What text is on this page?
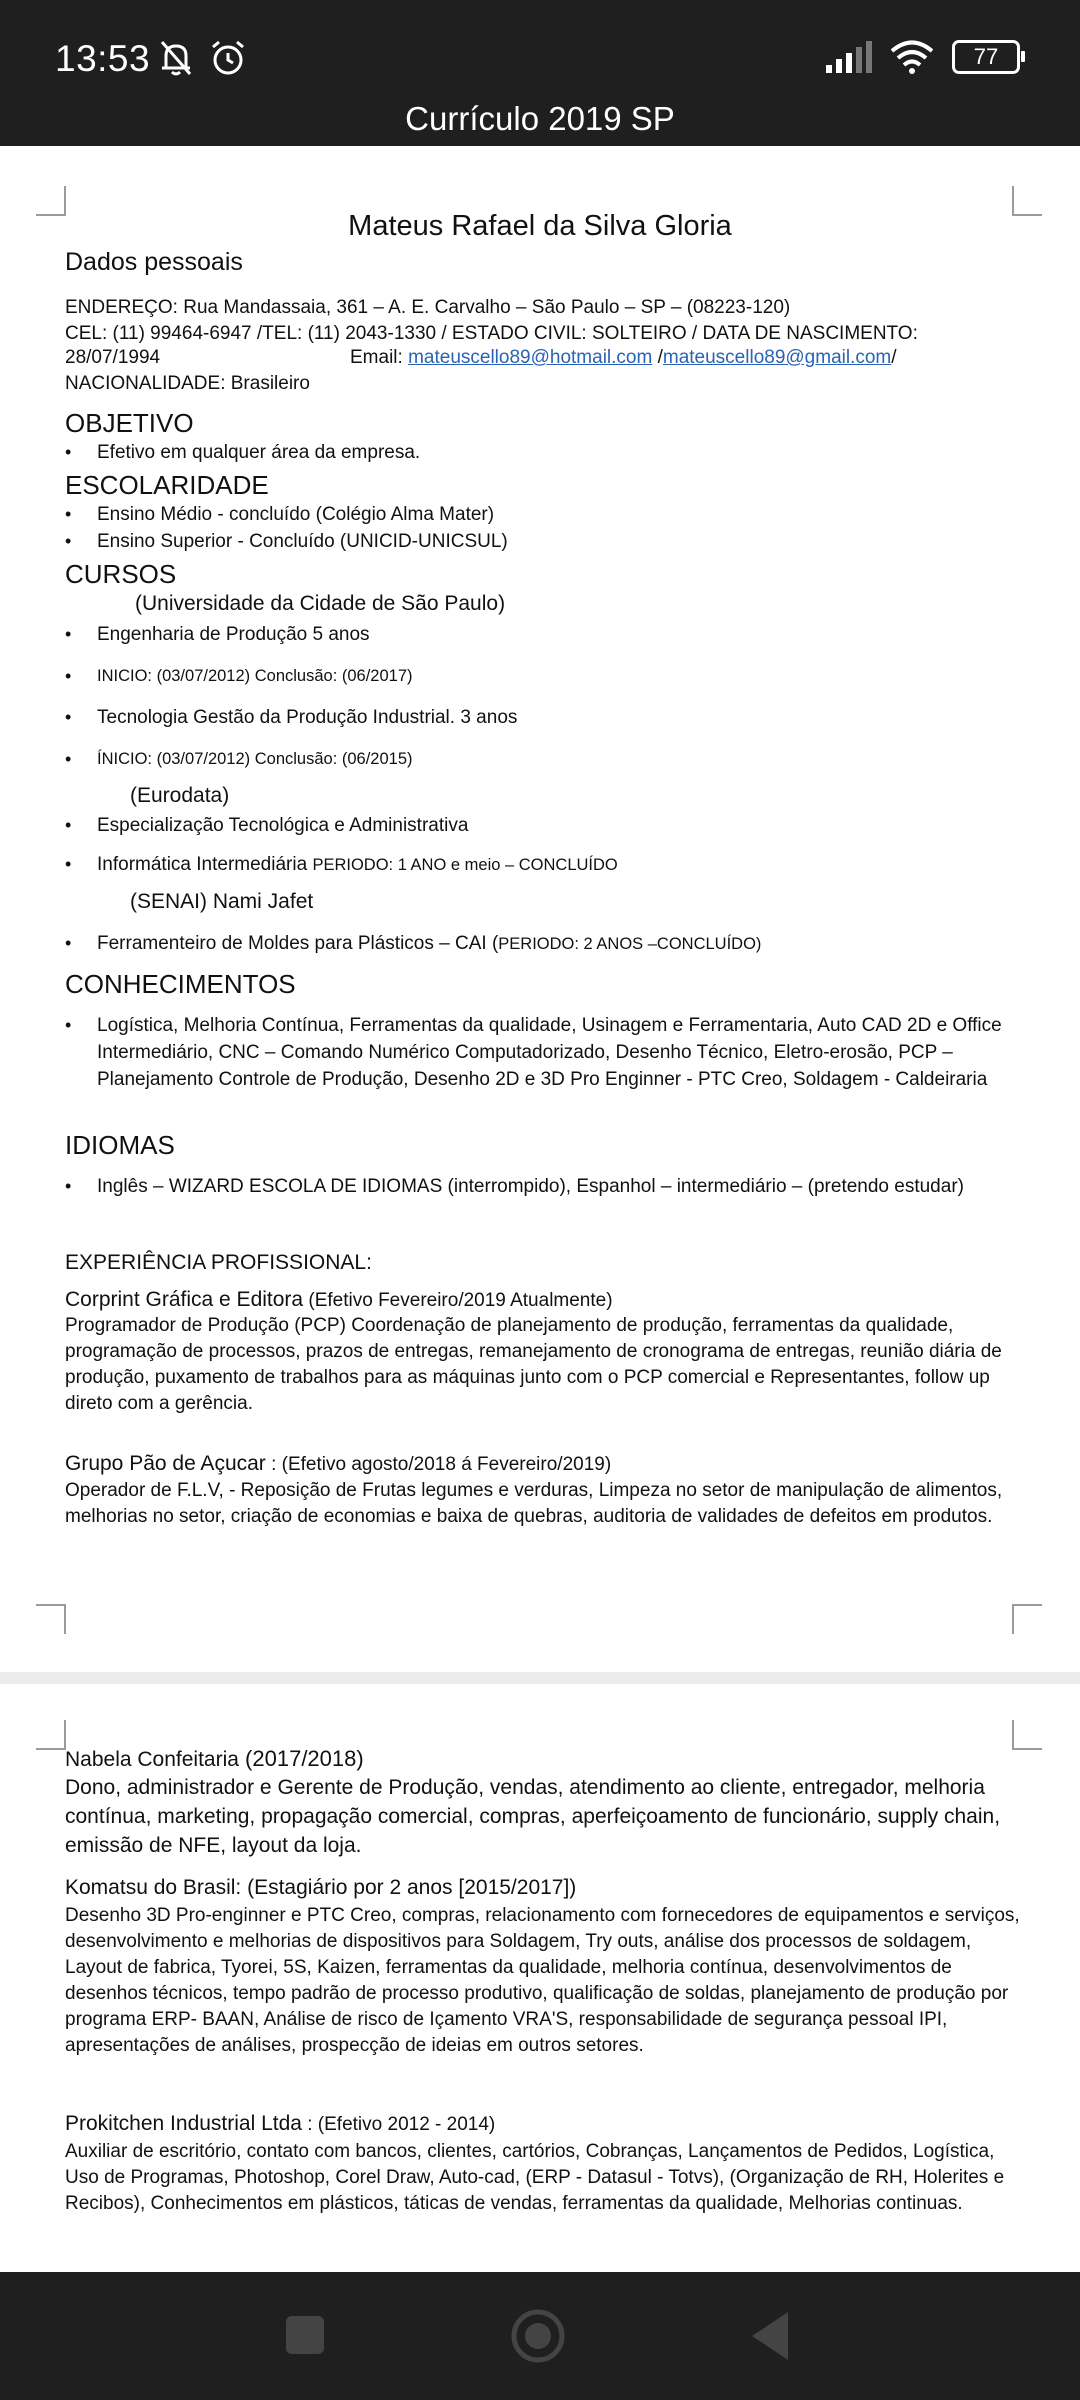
13:53	77
Currículo 2019 SP
Mateus Rafael da Silva Gloria
Dados pessoais
ENDEREÇO: Rua Mandassaia, 361 – A. E. Carvalho – São Paulo – SP – (08223-120)
CEL: (11) 99464-6947 /TEL: (11) 2043-1330 / ESTADO CIVIL: SOLTEIRO / DATA DE NASCIMENTO:
28/07/1994	Email: mateuscello89@hotmail.com /mateuscello89@gmail.com/
NACIONALIDADE: Brasileiro
OBJETIVO
• Efetivo em qualquer área da empresa.
ESCOLARIDADE
• Ensino Médio - concluído (Colégio Alma Mater)
• Ensino Superior - Concluído (UNICID-UNICSUL)
CURSOS
(Universidade da Cidade de São Paulo)
• Engenharia de Produção 5 anos
• INICIO: (03/07/2012) Conclusão: (06/2017)
• Tecnologia Gestão da Produção Industrial. 3 anos
• ÍNICIO: (03/07/2012) Conclusão: (06/2015)
(Eurodata)
• Especialização Tecnológica e Administrativa
• Informática Intermediária PERIODO: 1 ANO e meio – CONCLUÍDO
(SENAI) Nami Jafet
• Ferramenteiro de Moldes para Plásticos – CAI (PERIODO: 2 ANOS –CONCLUÍDO)
CONHECIMENTOS
• Logística, Melhoria Contínua, Ferramentas da qualidade, Usinagem e Ferramentaria, Auto CAD 2D e Office Intermediário, CNC – Comando Numérico Computadorizado, Desenho Técnico, Eletro-erosão, PCP – Planejamento Controle de Produção, Desenho 2D e 3D Pro Enginner - PTC Creo, Soldagem - Caldeiraria
IDIOMAS
• Inglês – WIZARD ESCOLA DE IDIOMAS (interrompido), Espanhol – intermediário – (pretendo estudar)
EXPERIÊNCIA PROFISSIONAL:
Corprint Gráfica e Editora (Efetivo Fevereiro/2019 Atualmente)
Programador de Produção (PCP) Coordenação de planejamento de produção, ferramentas da qualidade, programação de processos, prazos de entregas, remanejamento de cronograma de entregas, reunião diária de produção, puxamento de trabalhos para as máquinas junto com o PCP comercial e Representantes, follow up direto com a gerência.
Grupo Pão de Açucar : (Efetivo agosto/2018 á Fevereiro/2019)
Operador de F.L.V, - Reposição de Frutas legumes e verduras, Limpeza no setor de manipulação de alimentos, melhorias no setor, criação de economias e baixa de quebras, auditoria de validades de defeitos em produtos.
Nabela Confeitaria (2017/2018)
Dono, administrador e Gerente de Produção, vendas, atendimento ao cliente, entregador, melhoria contínua, marketing, propagação comercial, compras, aperfeiçoamento de funcionário, supply chain, emissão de NFE, layout da loja.
Komatsu do Brasil: (Estagiário por 2 anos [2015/2017])
Desenho 3D Pro-enginner e PTC Creo, compras, relacionamento com fornecedores de equipamentos e serviços, desenvolvimento e melhorias de dispositivos para Soldagem, Try outs, análise dos processos de soldagem, Layout de fabrica, Tyorei, 5S, Kaizen, ferramentas da qualidade, melhoria contínua, desenvolvimentos de desenhos técnicos, tempo padrão de processo produtivo, qualificação de soldas, planejamento de produção por programa ERP- BAAN, Análise de risco de Içamento VRA'S, responsabilidade de segurança pessoal IPI, apresentações de análises, prospecção de ideias em outros setores.
Prokitchen Industrial Ltda : (Efetivo 2012 - 2014)
Auxiliar de escritório, contato com bancos, clientes, cartórios, Cobranças, Lançamentos de Pedidos, Logística, Uso de Programas, Photoshop, Corel Draw, Auto-cad, (ERP - Datasul - Totvs), (Organização de RH, Holerites e Recibos), Conhecimentos em plásticos, táticas de vendas, ferramentas da qualidade, Melhorias continuas.
